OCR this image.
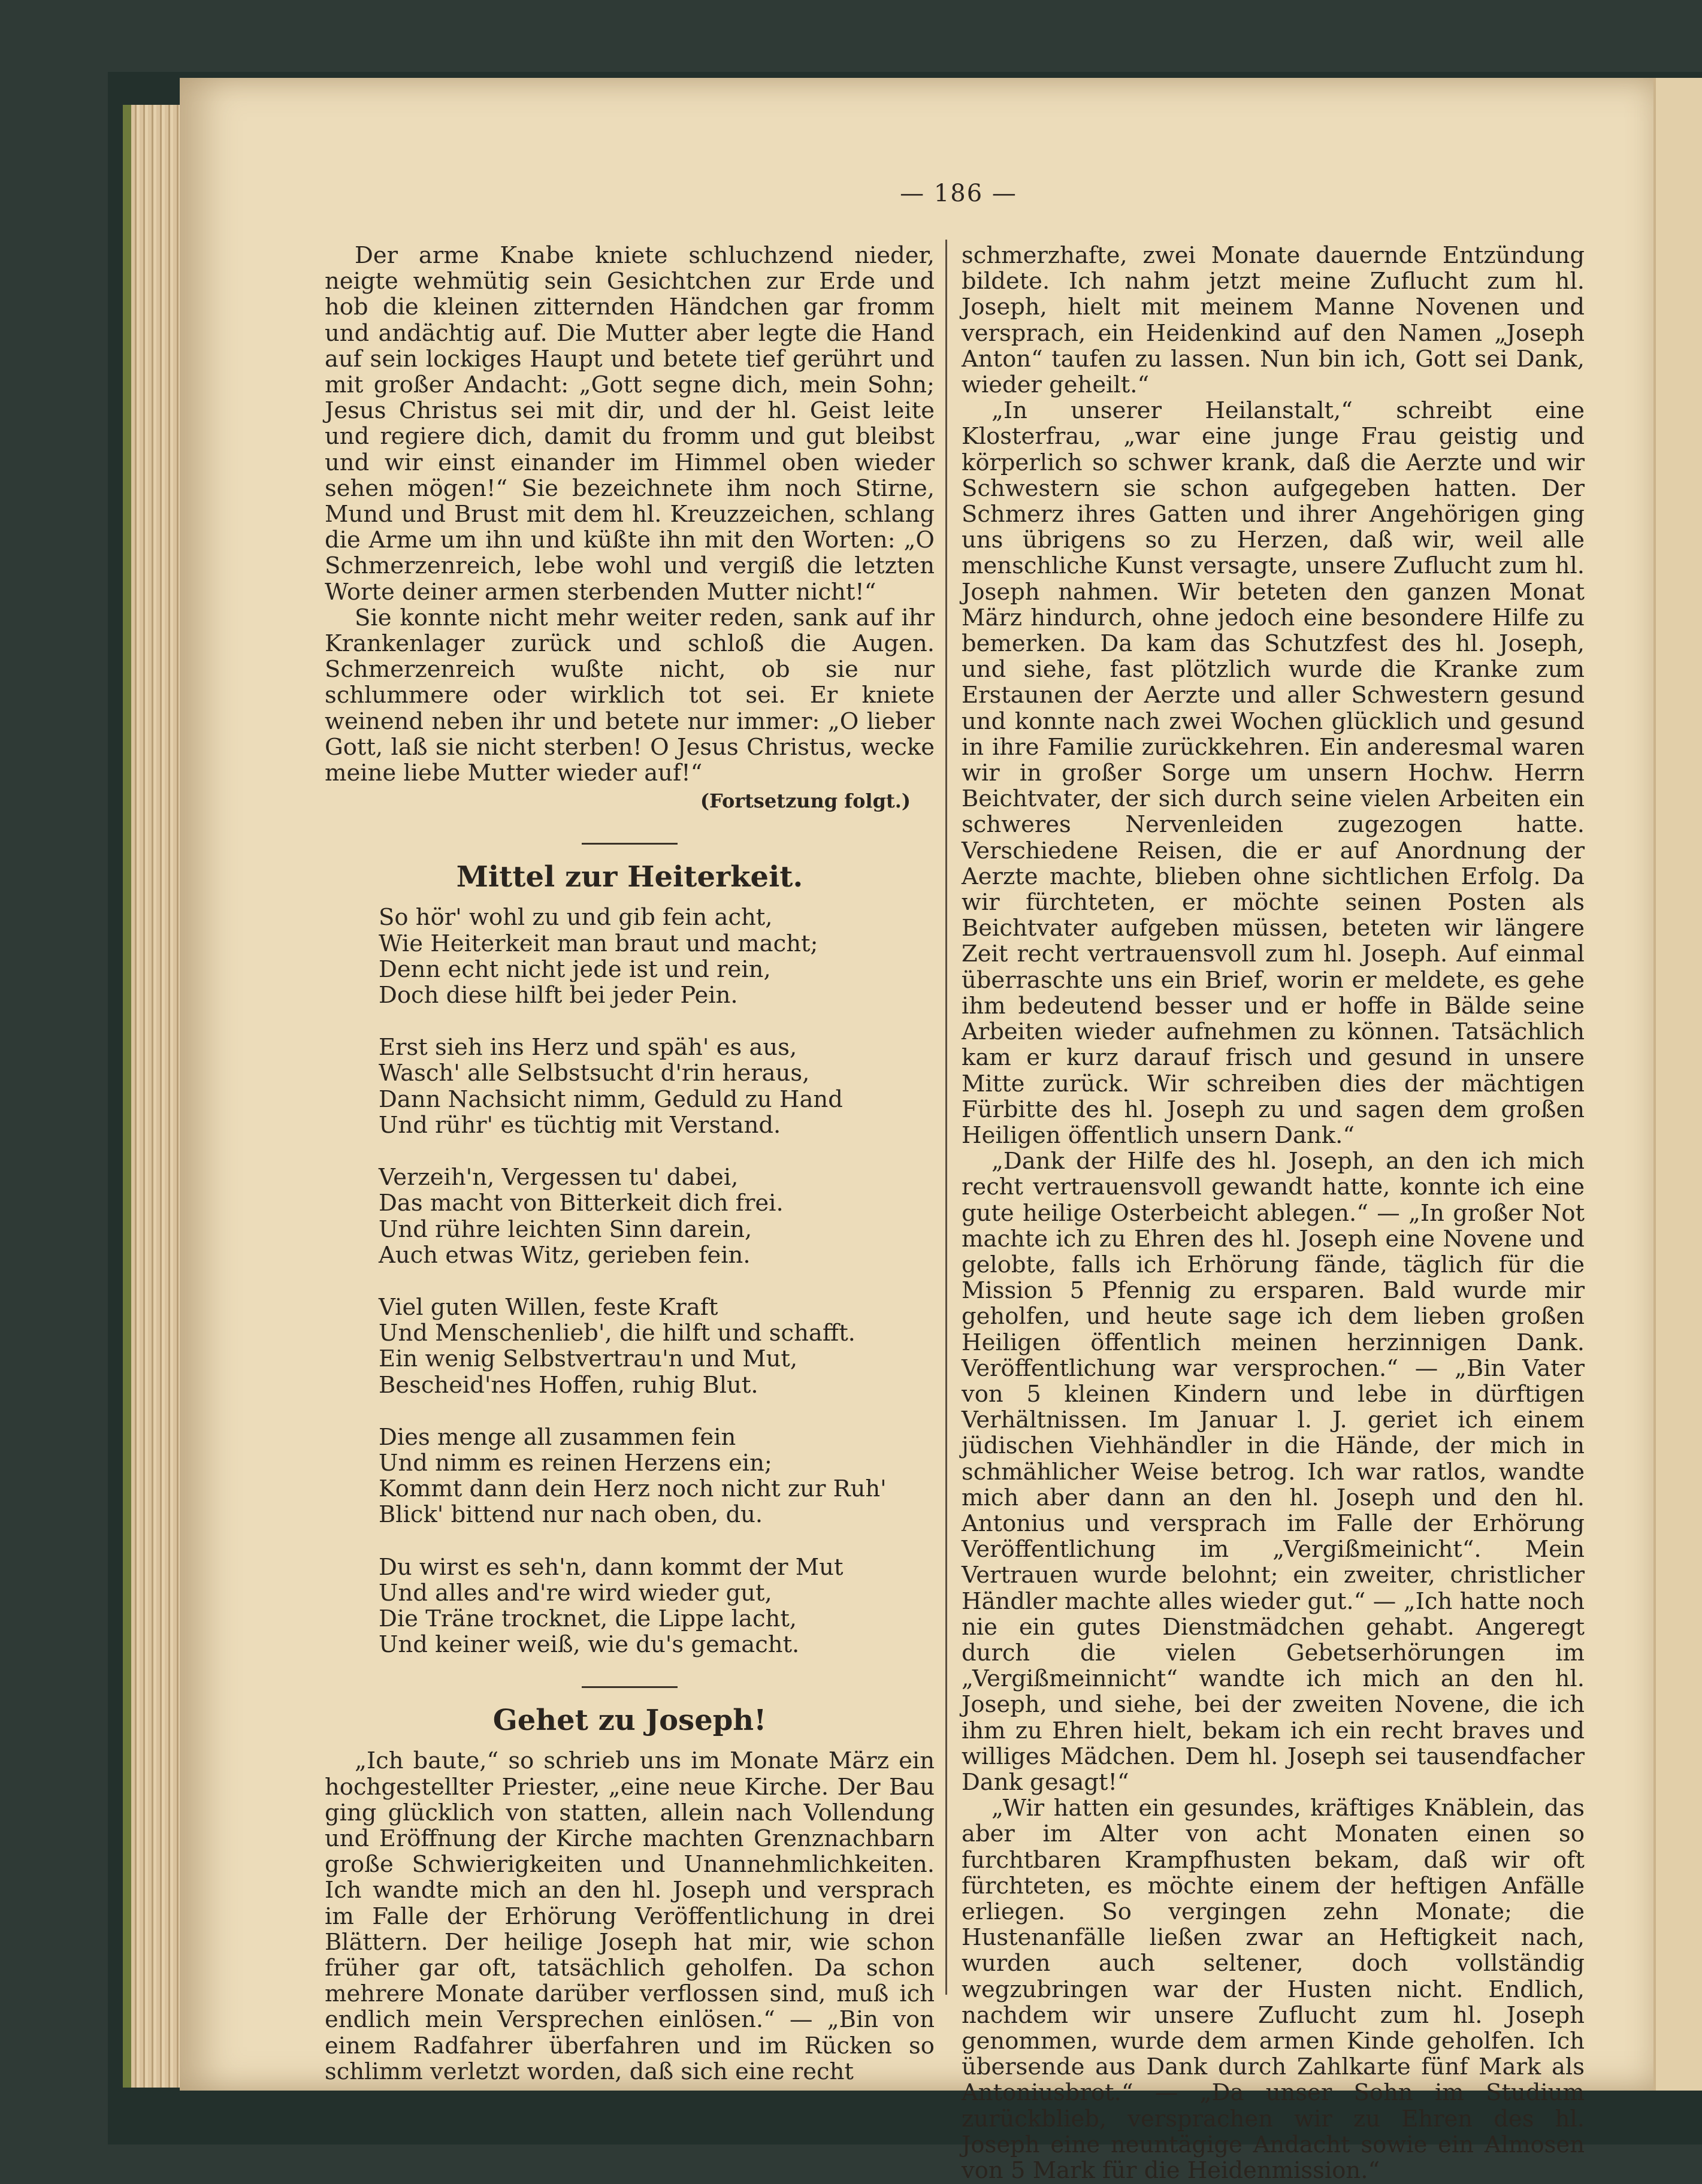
— 186 —

Der arme Knabe kniete schluchzend nieder, neigte wehmütig sein Gesichtchen zur Erde und hob die kleinen zitternden Händchen gar fromm und andächtig auf. Die Mutter aber legte die Hand auf sein lockiges Haupt und betete tief gerührt und mit großer Andacht: „Gott segne dich, mein Sohn; Jesus Christus sei mit dir, und der hl. Geist leite und regiere dich, damit du fromm und gut bleibst und wir einst einander im Himmel oben wieder sehen mögen!“ Sie bezeichnete ihm noch Stirne, Mund und Brust mit dem hl. Kreuzzeichen, schlang die Arme um ihn und küßte ihn mit den Worten: „O Schmerzenreich, lebe wohl und vergiß die letzten Worte deiner armen sterbenden Mutter nicht!“

Sie konnte nicht mehr weiter reden, sank auf ihr Krankenlager zurück und schloß die Augen. Schmerzenreich wußte nicht, ob sie nur schlummere oder wirklich tot sei. Er kniete weinend neben ihr und betete nur immer: „O lieber Gott, laß sie nicht sterben! O Jesus Christus, wecke meine liebe Mutter wieder auf!“

(Fortsetzung folgt.)
Mittel zur Heiterkeit.
So hör' wohl zu und gib fein acht,
Wie Heiterkeit man braut und macht;
Denn echt nicht jede ist und rein,
Doch diese hilft bei jeder Pein.
Erst sieh ins Herz und späh' es aus,
Wasch' alle Selbstsucht d'rin heraus,
Dann Nachsicht nimm, Geduld zu Hand
Und rühr' es tüchtig mit Verstand.
Verzeih'n, Vergessen tu' dabei,
Das macht von Bitterkeit dich frei.
Und rühre leichten Sinn darein,
Auch etwas Witz, gerieben fein.
Viel guten Willen, feste Kraft
Und Menschenlieb', die hilft und schafft.
Ein wenig Selbstvertrau'n und Mut,
Bescheid'nes Hoffen, ruhig Blut.
Dies menge all zusammen fein
Und nimm es reinen Herzens ein;
Kommt dann dein Herz noch nicht zur Ruh'
Blick' bittend nur nach oben, du.
Du wirst es seh'n, dann kommt der Mut
Und alles and're wird wieder gut,
Die Träne trocknet, die Lippe lacht,
Und keiner weiß, wie du's gemacht.
Gehet zu Joseph!

„Ich baute,“ so schrieb uns im Monate März ein hochgestellter Priester, „eine neue Kirche. Der Bau ging glücklich von statten, allein nach Vollendung und Eröffnung der Kirche machten Grenznachbarn große Schwierigkeiten und Unannehmlichkeiten. Ich wandte mich an den hl. Joseph und versprach im Falle der Erhörung Veröffentlichung in drei Blättern. Der heilige Joseph hat mir, wie schon früher gar oft, tatsächlich geholfen. Da schon mehrere Monate darüber verflossen sind, muß ich endlich mein Versprechen einlösen.“ — „Bin von einem Radfahrer überfahren und im Rücken so schlimm verletzt worden, daß sich eine recht

schmerzhafte, zwei Monate dauernde Entzündung bildete. Ich nahm jetzt meine Zuflucht zum hl. Joseph, hielt mit meinem Manne Novenen und versprach, ein Heidenkind auf den Namen „Joseph Anton“ taufen zu lassen. Nun bin ich, Gott sei Dank, wieder geheilt.“

„In unserer Heilanstalt,“ schreibt eine Klosterfrau, „war eine junge Frau geistig und körperlich so schwer krank, daß die Aerzte und wir Schwestern sie schon aufgegeben hatten. Der Schmerz ihres Gatten und ihrer Angehörigen ging uns übrigens so zu Herzen, daß wir, weil alle menschliche Kunst versagte, unsere Zuflucht zum hl. Joseph nahmen. Wir beteten den ganzen Monat März hindurch, ohne jedoch eine besondere Hilfe zu bemerken. Da kam das Schutzfest des hl. Joseph, und siehe, fast plötzlich wurde die Kranke zum Erstaunen der Aerzte und aller Schwestern gesund und konnte nach zwei Wochen glücklich und gesund in ihre Familie zurückkehren. Ein anderesmal waren wir in großer Sorge um unsern Hochw. Herrn Beichtvater, der sich durch seine vielen Arbeiten ein schweres Nervenleiden zugezogen hatte. Verschiedene Reisen, die er auf Anordnung der Aerzte machte, blieben ohne sichtlichen Erfolg. Da wir fürchteten, er möchte seinen Posten als Beichtvater aufgeben müssen, beteten wir längere Zeit recht vertrauensvoll zum hl. Joseph. Auf einmal überraschte uns ein Brief, worin er meldete, es gehe ihm bedeutend besser und er hoffe in Bälde seine Arbeiten wieder aufnehmen zu können. Tatsächlich kam er kurz darauf frisch und gesund in unsere Mitte zurück. Wir schreiben dies der mächtigen Fürbitte des hl. Joseph zu und sagen dem großen Heiligen öffentlich unsern Dank.“

„Dank der Hilfe des hl. Joseph, an den ich mich recht vertrauensvoll gewandt hatte, konnte ich eine gute heilige Osterbeicht ablegen.“ — „In großer Not machte ich zu Ehren des hl. Joseph eine Novene und gelobte, falls ich Erhörung fände, täglich für die Mission 5 Pfennig zu ersparen. Bald wurde mir geholfen, und heute sage ich dem lieben großen Heiligen öffentlich meinen herzinnigen Dank. Veröffentlichung war versprochen.“ — „Bin Vater von 5 kleinen Kindern und lebe in dürftigen Verhältnissen. Im Januar l. J. geriet ich einem jüdischen Viehhändler in die Hände, der mich in schmählicher Weise betrog. Ich war ratlos, wandte mich aber dann an den hl. Joseph und den hl. Antonius und versprach im Falle der Erhörung Veröffentlichung im „Vergißmeinicht“. Mein Vertrauen wurde belohnt; ein zweiter, christlicher Händler machte alles wieder gut.“ — „Ich hatte noch nie ein gutes Dienstmädchen gehabt. Angeregt durch die vielen Gebetserhörungen im „Vergißmeinnicht“ wandte ich mich an den hl. Joseph, und siehe, bei der zweiten Novene, die ich ihm zu Ehren hielt, bekam ich ein recht braves und williges Mädchen. Dem hl. Joseph sei tausendfacher Dank gesagt!“

„Wir hatten ein gesundes, kräftiges Knäblein, das aber im Alter von acht Monaten einen so furchtbaren Krampfhusten bekam, daß wir oft fürchteten, es möchte einem der heftigen Anfälle erliegen. So vergingen zehn Monate; die Hustenanfälle ließen zwar an Heftigkeit nach, wurden auch seltener, doch vollständig wegzubringen war der Husten nicht. Endlich, nachdem wir unsere Zuflucht zum hl. Joseph genommen, wurde dem armen Kinde geholfen. Ich übersende aus Dank durch Zahlkarte fünf Mark als Antoniusbrot.“ — „Da unser Sohn im Studium zurückblieb, versprachen wir zu Ehren des hl. Joseph eine neuntägige Andacht sowie ein Almosen von 5 Mark für die Heidenmission.“
